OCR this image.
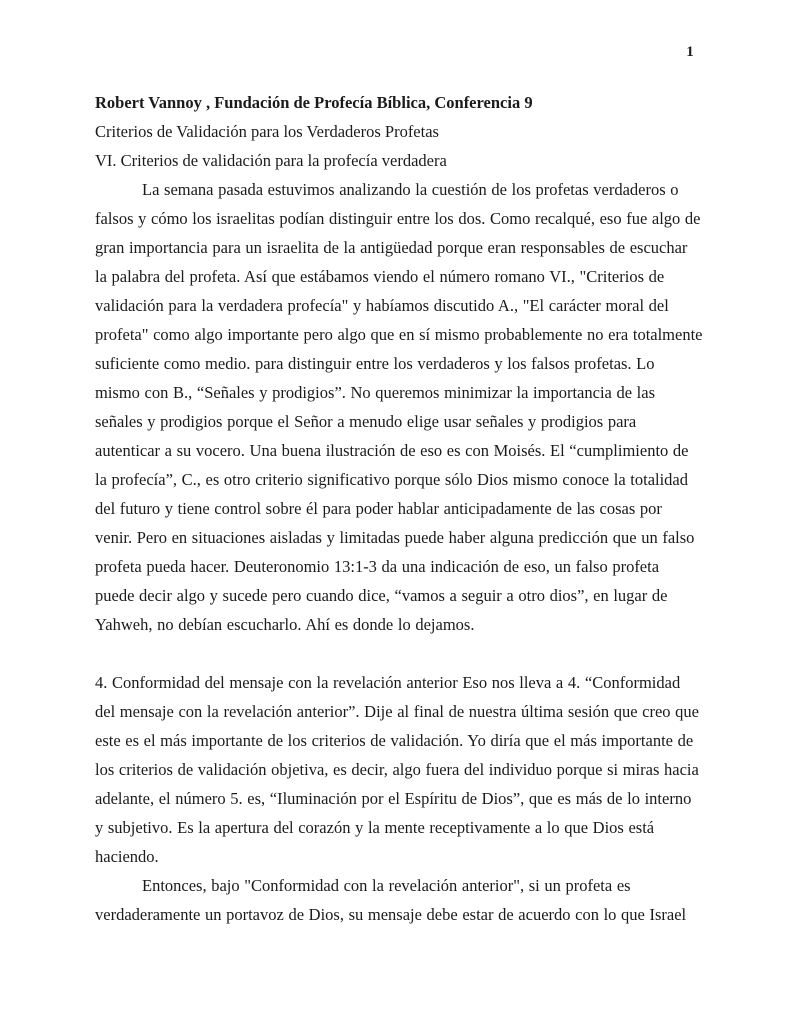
1
Robert Vannoy , Fundación de Profecía Bíblica, Conferencia 9

Criterios de Validación para los Verdaderos Profetas

VI. Criterios de validación para la profecía verdadera

La semana pasada estuvimos analizando la cuestión de los profetas verdaderos o falsos y cómo los israelitas podían distinguir entre los dos. Como recalqué, eso fue algo de gran importancia para un israelita de la antigüedad porque eran responsables de escuchar la palabra del profeta. Así que estábamos viendo el número romano VI., "Criterios de validación para la verdadera profecía" y habíamos discutido A., "El carácter moral del profeta" como algo importante pero algo que en sí mismo probablemente no era totalmente suficiente como medio. para distinguir entre los verdaderos y los falsos profetas. Lo mismo con B., “Señales y prodigios”. No queremos minimizar la importancia de las señales y prodigios porque el Señor a menudo elige usar señales y prodigios para autenticar a su vocero. Una buena ilustración de eso es con Moisés. El “cumplimiento de la profecía”, C., es otro criterio significativo porque sólo Dios mismo conoce la totalidad del futuro y tiene control sobre él para poder hablar anticipadamente de las cosas por venir. Pero en situaciones aisladas y limitadas puede haber alguna predicción que un falso profeta pueda hacer. Deuteronomio 13:1-3 da una indicación de eso, un falso profeta puede decir algo y sucede pero cuando dice, “vamos a seguir a otro dios”, en lugar de Yahweh, no debían escucharlo. Ahí es donde lo dejamos.

4. Conformidad del mensaje con la revelación anterior Eso nos lleva a 4. “Conformidad del mensaje con la revelación anterior”. Dije al final de nuestra última sesión que creo que este es el más importante de los criterios de validación. Yo diría que el más importante de los criterios de validación objetiva, es decir, algo fuera del individuo porque si miras hacia adelante, el número 5. es, “Iluminación por el Espíritu de Dios”, que es más de lo interno y subjetivo. Es la apertura del corazón y la mente receptivamente a lo que Dios está haciendo.

Entonces, bajo "Conformidad con la revelación anterior", si un profeta es verdaderamente un portavoz de Dios, su mensaje debe estar de acuerdo con lo que Israel
